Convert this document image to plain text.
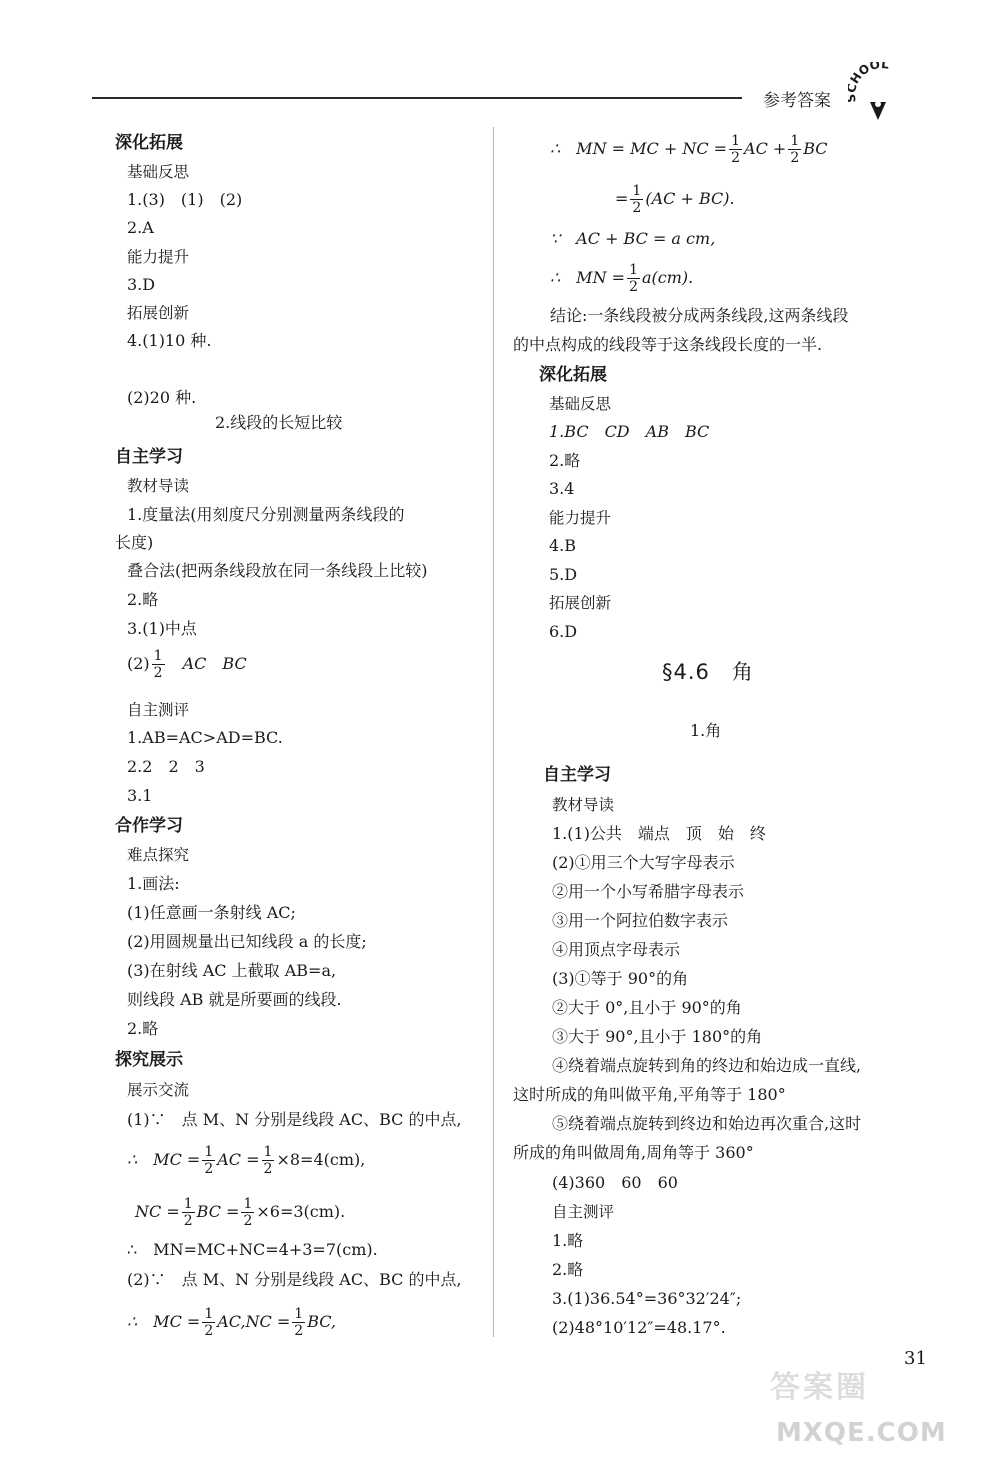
参考答案
HOOL
深化拓展
基础反思
1.(3)　(1)　(2)
2.A
能力提升
3.D
拓展创新
4.(1)10 种.
(2)20 种.
2.线段的长短比较
自主学习
教材导读
1.度量法(用刻度尺分别测量两条线段的
长度)
叠合法(把两条线段放在同一条线段上比较)
2.略
3.(1)中点
$(2) \frac{1}{2}$
　 AC　BC
自主测评
1.AB=AC>AD=BC.
2.2　2　3
3.1
合作学习
难点探究
1.画法:
(1)任意画一条射线 AC;
(2)用圆规量出已知线段 a 的长度;
(3)在射线 AC 上截取 AB=a,
则线段 AB 就是所要画的线段.
2.略
探究展示
展示交流
(1)∵　点 M、N 分别是线段 AC、BC 的中点,
∴　MC = $\frac{1}{2}$ AC = $\frac{1}{2} \times 8=4(cm)$,
NC = $\frac{1}{2}$ BC = $\frac{1}{2} \times 6=3(cm)$.
∴　MN=MC+NC=4+3=7(cm).
(2)∵　点 M、N 分别是线段 AC、BC 的中点,
∴　MC = $\frac{1}{2} AC,NC = \frac{1}{2}$ BC,
∴　MN = MC + NC = $\frac{1}{2}$ AC + $\frac{1}{2}$ BC
= $\frac{1}{2} (AC + BC)$.
∵　AC + BC = a cm,
∴　MN = $\frac{1}{2} a(cm)$.
结论:一条线段被分成两条线段,这两条线段
的中点构成的线段等于这条线段长度的一半.
深化拓展
基础反思
1.BC　CD　AB　BC
2.略
3.4
能力提升
4.B
5.D
拓展创新
6.D
§4.6　角
1.角
自主学习
教材导读
1.(1)公共　端点　顶　始　终
(2)①用三个大写字母表示
②用一个小写希腊字母表示
③用一个阿拉伯数字表示
④用顶点字母表示
(3)①等于 90°的角
②大于 0°,且小于 90°的角
③大于 90°,且小于 180°的角
④绕着端点旋转到角的终边和始边成一直线,
这时所成的角叫做平角,平角等于 180°
⑤绕着端点旋转到终边和始边再次重合,这时
所成的角叫做周角,周角等于 360°
(4)360　60　60
自主测评
1.略
2.略
3.(1)36.54°=36°32′24″;
(2)48°10′12″=48.17°.
31
答案圈
MXQE.COM
